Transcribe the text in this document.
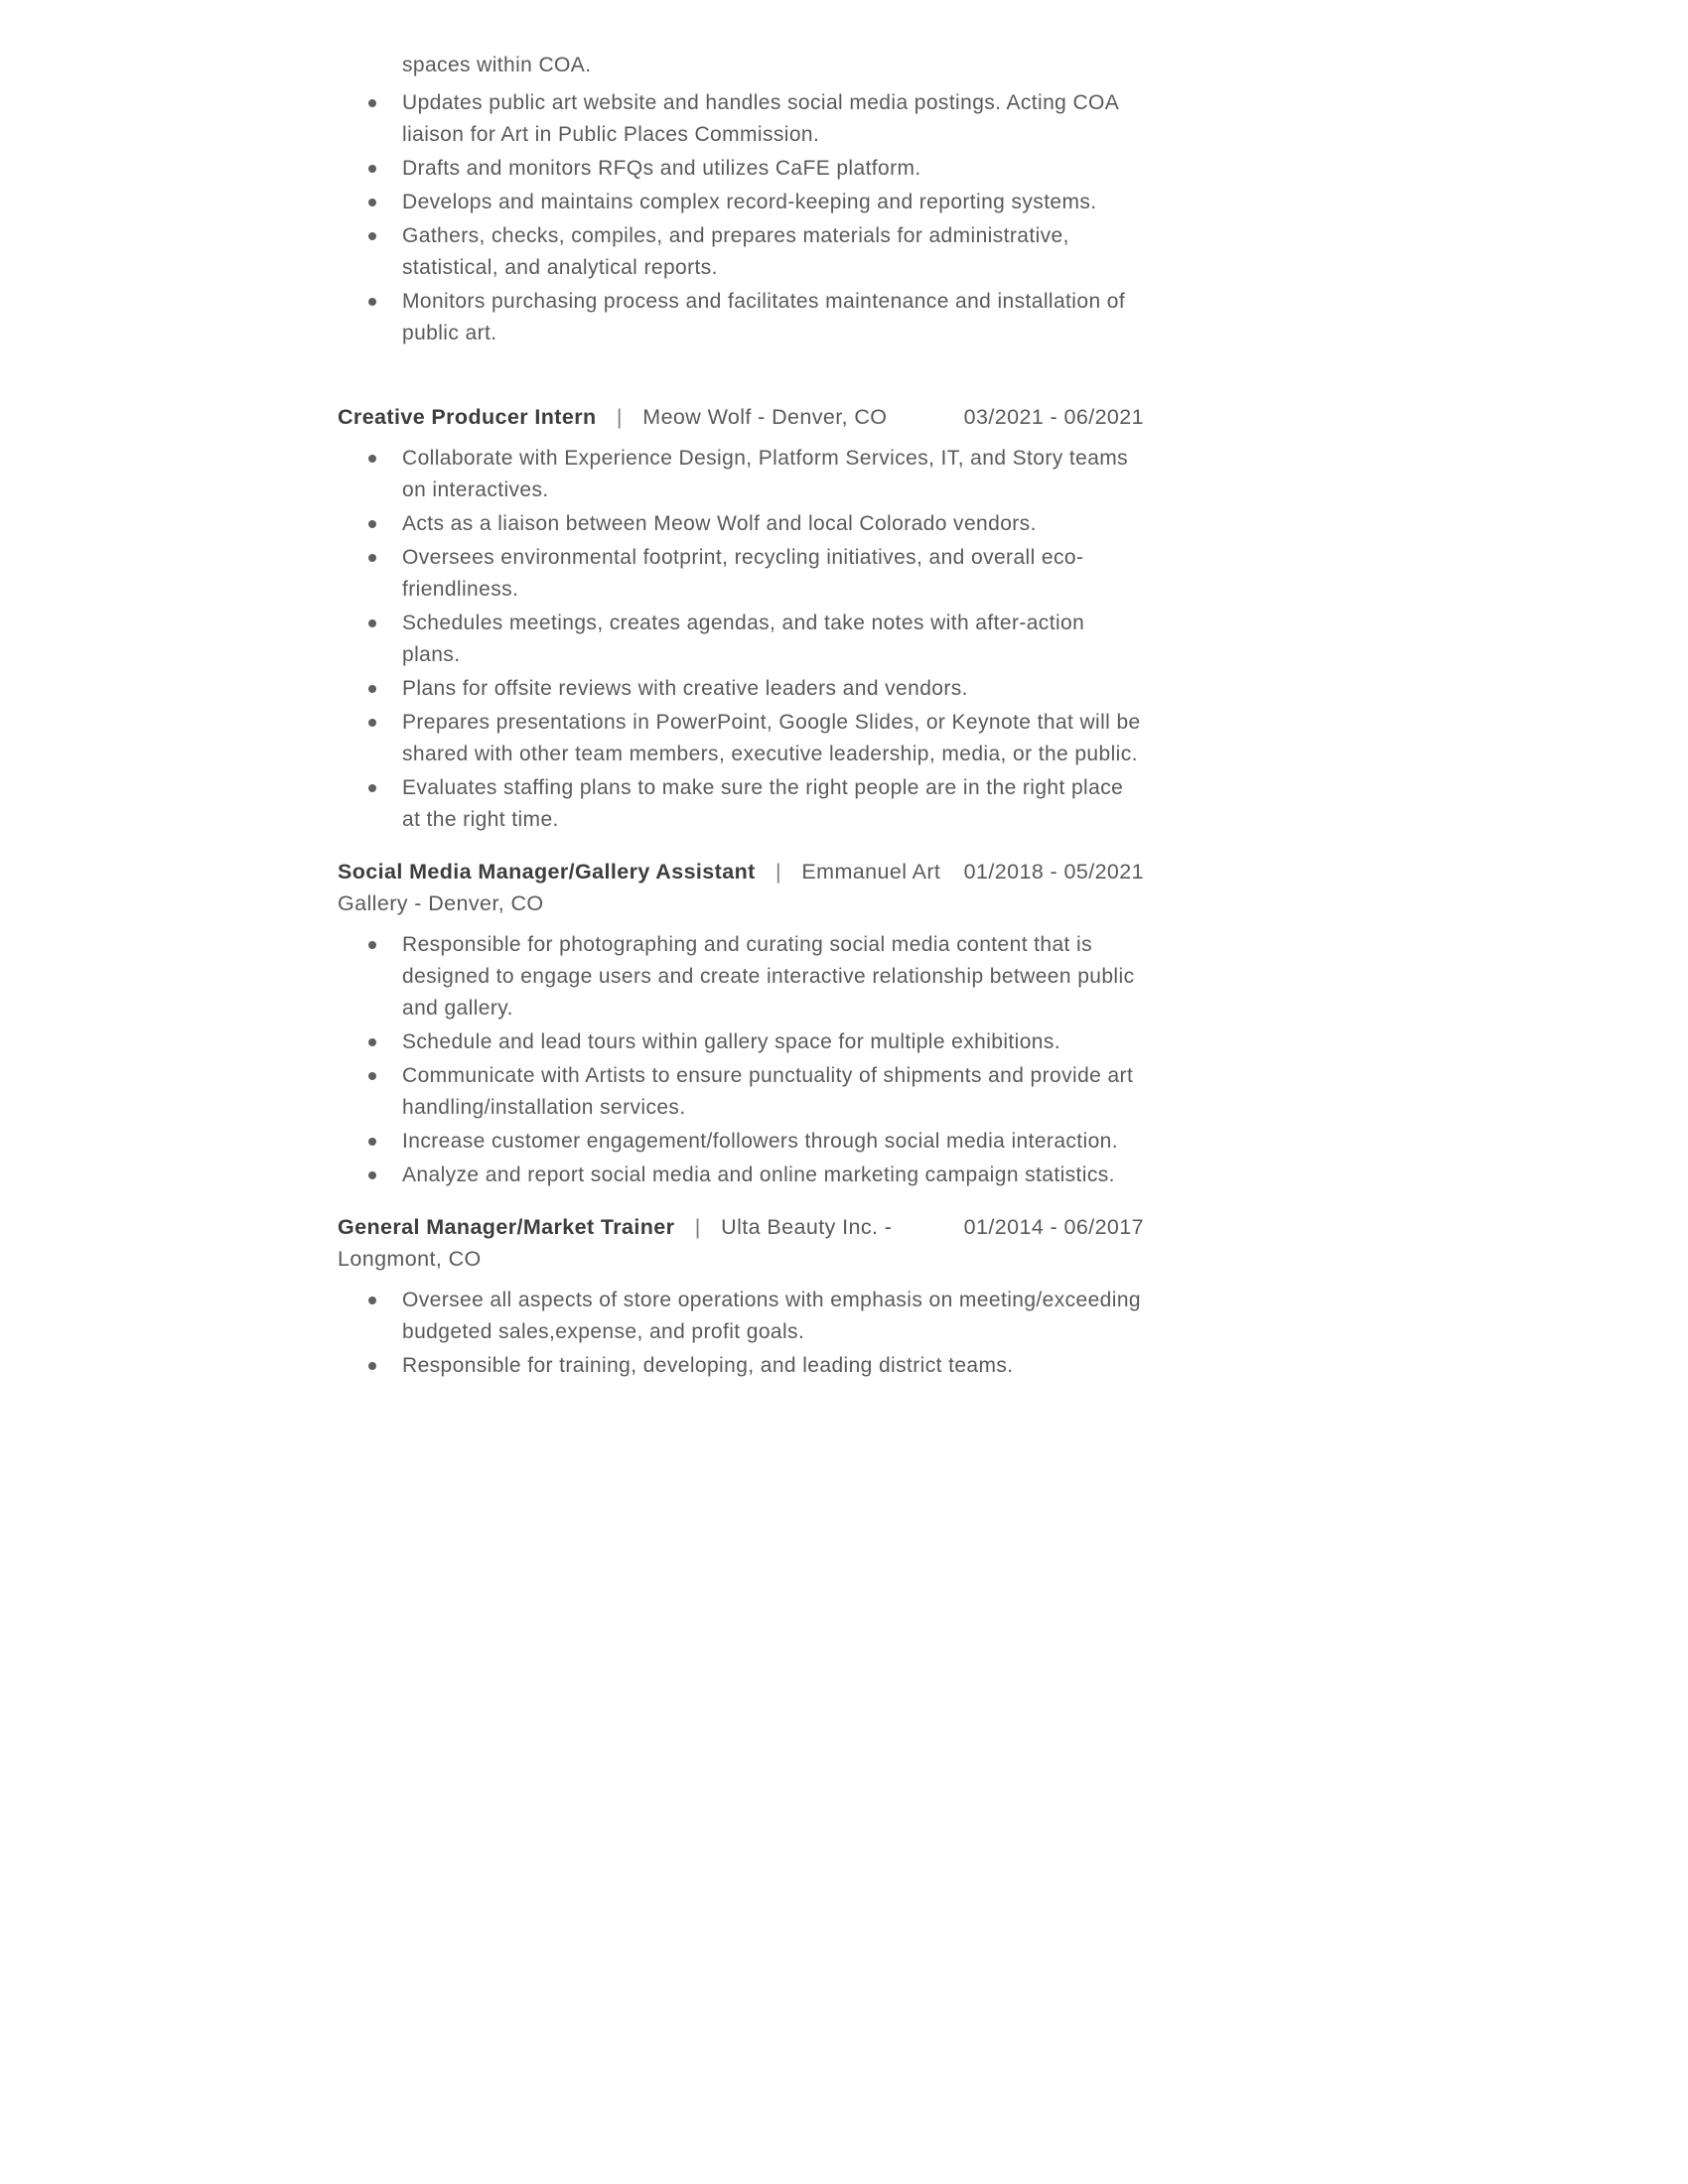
spaces within COA.

Updates public art website and handles social media postings. Acting COA liaison for Art in Public Places Commission.
Drafts and monitors RFQs and utilizes CaFE platform.
Develops and maintains complex record-keeping and reporting systems.
Gathers, checks, compiles, and prepares materials for administrative, statistical, and analytical reports.
Monitors purchasing process and facilitates maintenance and installation of public art.
03/2021 - 06/2021
Creative Producer Intern | Meow Wolf - Denver, CO
Collaborate with Experience Design, Platform Services, IT, and Story teams on interactives.
Acts as a liaison between Meow Wolf and local Colorado vendors.
Oversees environmental footprint, recycling initiatives, and overall eco-friendliness.
Schedules meetings, creates agendas, and take notes with after-action plans.
Plans for offsite reviews with creative leaders and vendors.
Prepares presentations in PowerPoint, Google Slides, or Keynote that will be shared with other team members, executive leadership, media, or the public.
Evaluates staffing plans to make sure the right people are in the right place at the right time.
01/2018 - 05/2021
Social Media Manager/Gallery Assistant | Emmanuel Art Gallery - Denver, CO
Responsible for photographing and curating social media content that is designed to engage users and create interactive relationship between public and gallery.
Schedule and lead tours within gallery space for multiple exhibitions.
Communicate with Artists to ensure punctuality of shipments and provide art handling/installation services.
Increase customer engagement/followers through social media interaction.
Analyze and report social media and online marketing campaign statistics.
01/2014 - 06/2017
General Manager/Market Trainer | Ulta Beauty Inc. - Longmont, CO
Oversee all aspects of store operations with emphasis on meeting/exceeding budgeted sales,expense, and profit goals.
Responsible for training, developing, and leading district teams.
